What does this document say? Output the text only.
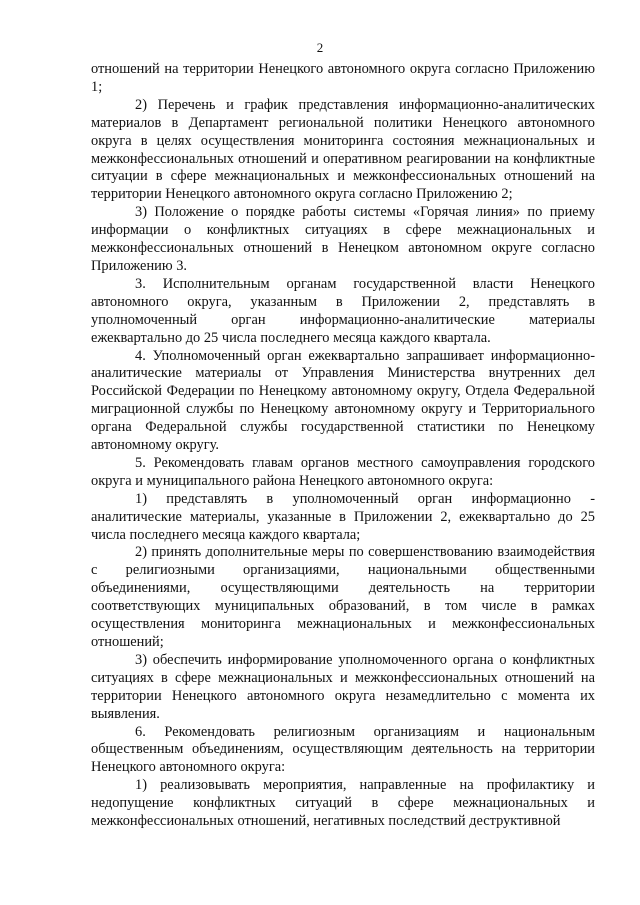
2

отношений на территории Ненецкого автономного округа согласно Приложению 1;

2) Перечень и график представления информационно-аналитических материалов в Департамент региональной политики Ненецкого автономного округа в целях осуществления мониторинга состояния межнациональных и межконфессиональных отношений и оперативном реагировании на конфликтные ситуации в сфере межнациональных и межконфессиональных отношений на территории Ненецкого автономного округа согласно Приложению 2;

3) Положение о порядке работы системы «Горячая линия» по приему информации о конфликтных ситуациях в сфере межнациональных и межконфессиональных отношений в Ненецком автономном округе согласно Приложению 3.

3. Исполнительным органам государственной власти Ненецкого автономного округа, указанным в Приложении 2, представлять в уполномоченный орган информационно-аналитические материалы ежеквартально до 25 числа последнего месяца каждого квартала.

4. Уполномоченный орган ежеквартально запрашивает информационно-аналитические материалы от Управления Министерства внутренних дел Российской Федерации по Ненецкому автономному округу, Отдела Федеральной миграционной службы по Ненецкому автономному округу и Территориального органа Федеральной службы государственной статистики по Ненецкому автономному округу.

5. Рекомендовать главам органов местного самоуправления городского округа и муниципального района Ненецкого автономного округа:

1) представлять в уполномоченный орган информационно - аналитические материалы, указанные в Приложении 2, ежеквартально до 25 числа последнего месяца каждого квартала;

2) принять дополнительные меры по совершенствованию взаимодействия с религиозными организациями, национальными общественными объединениями, осуществляющими деятельность на территории соответствующих муниципальных образований, в том числе в рамках осуществления мониторинга межнациональных и межконфессиональных отношений;

3) обеспечить информирование уполномоченного органа о конфликтных ситуациях в сфере межнациональных и межконфессиональных отношений на территории Ненецкого автономного округа незамедлительно с момента их выявления.

6. Рекомендовать религиозным организациям и национальным общественным объединениям, осуществляющим деятельность на территории Ненецкого автономного округа:

1) реализовывать мероприятия, направленные на профилактику и недопущение конфликтных ситуаций в сфере межнациональных и межконфессиональных отношений, негативных последствий деструктивной
